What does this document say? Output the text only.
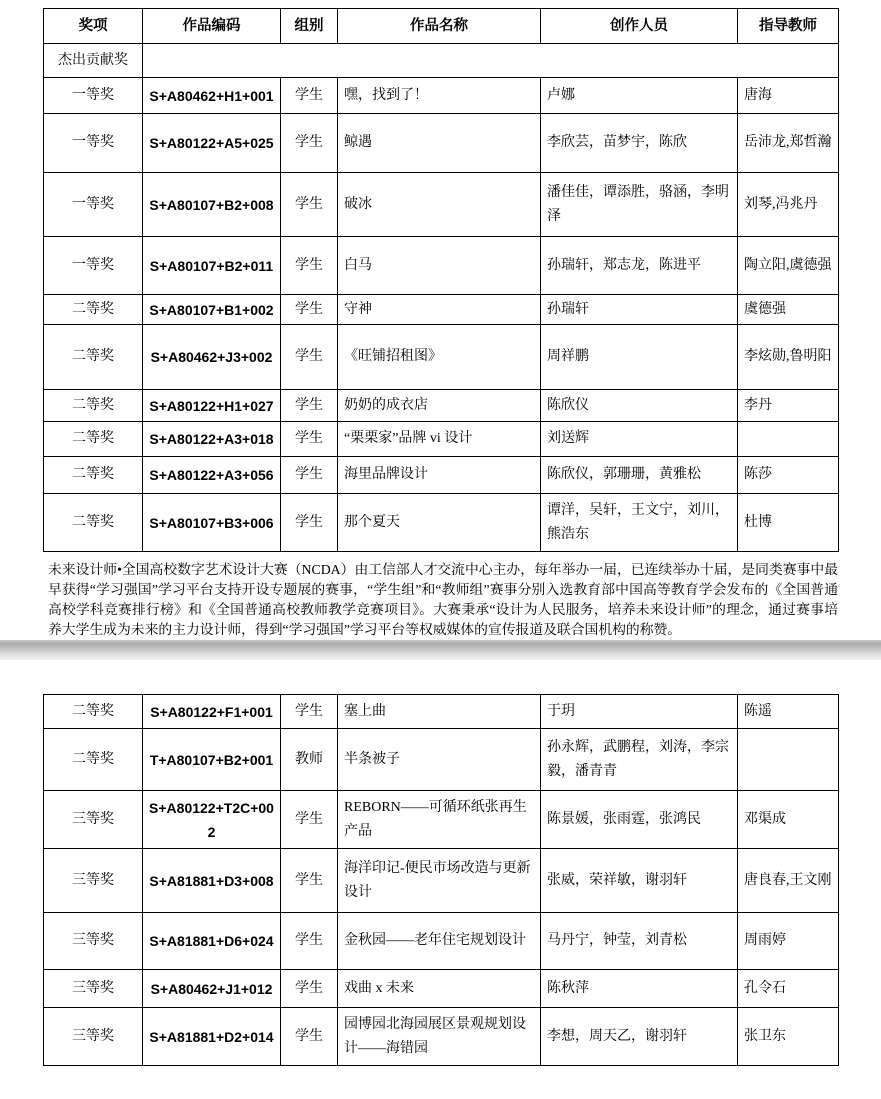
奖项	作品编码	组别	作品名称	创作人员	指导教师
杰出贡献奖					
一等奖	S+A80462+H1+001	学生	嘿，找到了！	卢娜	唐海
一等奖	S+A80122+A5+025	学生	鲸遇	李欣芸，苗梦宇，陈欣	岳沛龙,郑哲瀚
一等奖	S+A80107+B2+008	学生	破冰	潘佳佳，谭添胜，骆涵，李明泽	刘琴,冯兆丹
一等奖	S+A80107+B2+011	学生	白马	孙瑞轩，郑志龙，陈进平	陶立阳,虞德强
二等奖	S+A80107+B1+002	学生	守神	孙瑞轩	虞德强
二等奖	S+A80462+J3+002	学生	《旺铺招租图》	周祥鹏	李炫勋,鲁明阳
二等奖	S+A80122+H1+027	学生	奶奶的成衣店	陈欣仪	李丹
二等奖	S+A80122+A3+018	学生	“栗栗家”品牌 vi 设计	刘送辉	
二等奖	S+A80122+A3+056	学生	海里品牌设计	陈欣仪，郭珊珊，黄雅松	陈莎
二等奖	S+A80107+B3+006	学生	那个夏天	谭洋，吴轩，王文宁，刘川，熊浩东	杜博

未来设计师•全国高校数字艺术设计大赛（NCDA）由工信部人才交流中心主办，每年举办一届，已连续举办十届，是同类赛事中最早获得“学习强国”学习平台支持开设专题展的赛事，“学生组”和“教师组”赛事分别入选教育部中国高等教育学会发布的《全国普通高校学科竞赛排行榜》和《全国普通高校教师教学竞赛项目》。大赛秉承“设计为人民服务，培养未来设计师”的理念，通过赛事培养大学生成为未来的主力设计师，得到“学习强国”学习平台等权威媒体的宣传报道及联合国机构的称赞。

二等奖	S+A80122+F1+001	学生	塞上曲	于玥	陈遥
二等奖	T+A80107+B2+001	教师	半条被子	孙永辉，武鹏程，刘涛，李宗毅，潘青青	
三等奖	S+A80122+T2C+002	学生	REBORN——可循环纸张再生产品	陈景媛，张雨霆，张鸿民	邓渠成
三等奖	S+A81881+D3+008	学生	海洋印记-便民市场改造与更新设计	张威，荣祥敏，谢羽轩	唐良春,王文刚
三等奖	S+A81881+D6+024	学生	金秋园——老年住宅规划设计	马丹宁，钟莹，刘青松	周雨婷
三等奖	S+A80462+J1+012	学生	戏曲 x 未来	陈秋萍	孔令石
三等奖	S+A81881+D2+014	学生	园博园北海园展区景观规划设计——海错园	李想，周天乙，谢羽轩	张卫东
